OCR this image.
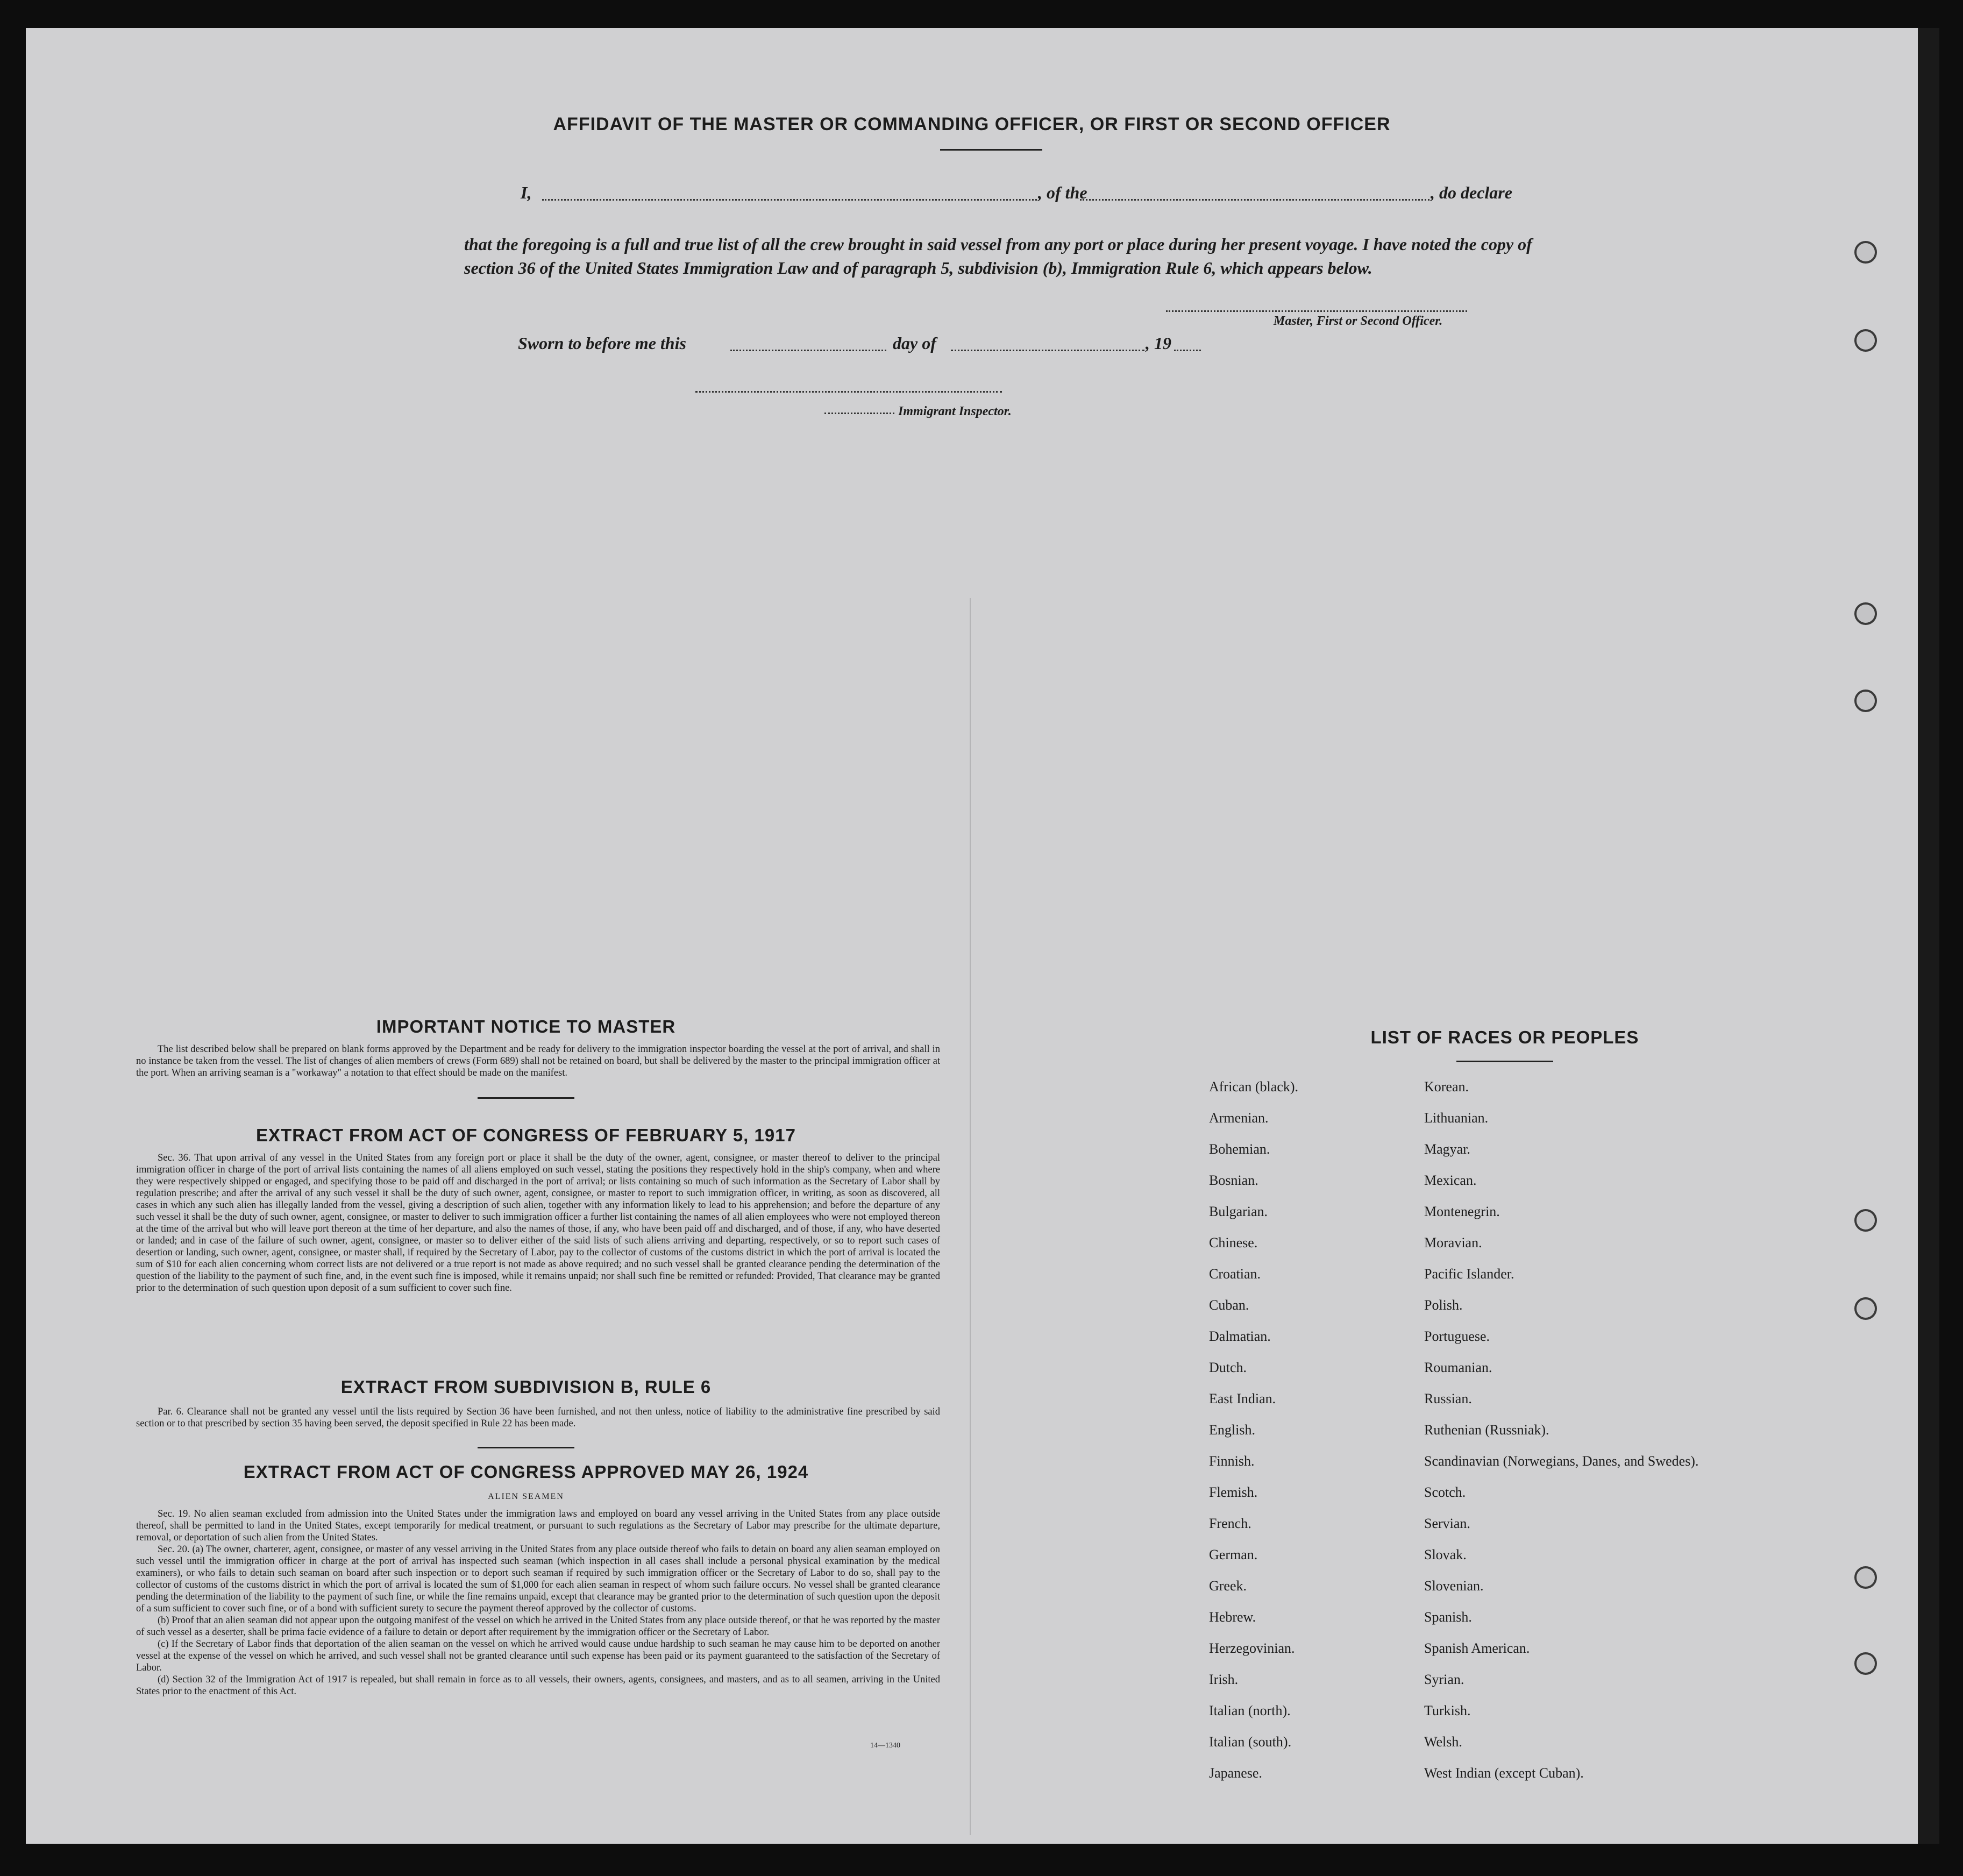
AFFIDAVIT OF THE MASTER OR COMMANDING OFFICER, OR FIRST OR SECOND OFFICER
I,	, of the	, do declare
that the foregoing is a full and true list of all the crew brought in said vessel from any port or place during her present voyage. I have noted the copy of section 36 of the United States Immigration Law and of paragraph 5, subdivision (b), Immigration Rule 6, which appears below.
Master, First or Second Officer.
Sworn to before me this	day of	, 19
Immigrant Inspector.
IMPORTANT NOTICE TO MASTER

The list described below shall be prepared on blank forms approved by the Department and be ready for delivery to the immigration inspector boarding the vessel at the port of arrival, and shall in no instance be taken from the vessel. The list of changes of alien members of crews (Form 689) shall not be retained on board, but shall be delivered by the master to the principal immigration officer at the port. When an arriving seaman is a "workaway" a notation to that effect should be made on the manifest.

EXTRACT FROM ACT OF CONGRESS OF FEBRUARY 5, 1917

Sec. 36. That upon arrival of any vessel in the United States from any foreign port or place it shall be the duty of the owner, agent, consignee, or master thereof to deliver to the principal immigration officer in charge of the port of arrival lists containing the names of all aliens employed on such vessel, stating the positions they respectively hold in the ship's company, when and where they were respectively shipped or engaged, and specifying those to be paid off and discharged in the port of arrival; or lists containing so much of such information as the Secretary of Labor shall by regulation prescribe; and after the arrival of any such vessel it shall be the duty of such owner, agent, consignee, or master to report to such immigration officer, in writing, as soon as discovered, all cases in which any such alien has illegally landed from the vessel, giving a description of such alien, together with any information likely to lead to his apprehension; and before the departure of any such vessel it shall be the duty of such owner, agent, consignee, or master to deliver to such immigration officer a further list containing the names of all alien employees who were not employed thereon at the time of the arrival but who will leave port thereon at the time of her departure, and also the names of those, if any, who have been paid off and discharged, and of those, if any, who have deserted or landed; and in case of the failure of such owner, agent, consignee, or master so to deliver either of the said lists of such aliens arriving and departing, respectively, or so to report such cases of desertion or landing, such owner, agent, consignee, or master shall, if required by the Secretary of Labor, pay to the collector of customs of the customs district in which the port of arrival is located the sum of $10 for each alien concerning whom correct lists are not delivered or a true report is not made as above required; and no such vessel shall be granted clearance pending the determination of the question of the liability to the payment of such fine, and, in the event such fine is imposed, while it remains unpaid; nor shall such fine be remitted or refunded: Provided, That clearance may be granted prior to the determination of such question upon deposit of a sum sufficient to cover such fine.

EXTRACT FROM SUBDIVISION B, RULE 6

Par. 6. Clearance shall not be granted any vessel until the lists required by Section 36 have been furnished, and not then unless, notice of liability to the administrative fine prescribed by said section or to that prescribed by section 35 having been served, the deposit specified in Rule 22 has been made.

EXTRACT FROM ACT OF CONGRESS APPROVED MAY 26, 1924
ALIEN SEAMEN

Sec. 19. No alien seaman excluded from admission into the United States under the immigration laws and employed on board any vessel arriving in the United States from any place outside thereof, shall be permitted to land in the United States, except temporarily for medical treatment, or pursuant to such regulations as the Secretary of Labor may prescribe for the ultimate departure, removal, or deportation of such alien from the United States.

Sec. 20. (a) The owner, charterer, agent, consignee, or master of any vessel arriving in the United States from any place outside thereof who fails to detain on board any alien seaman employed on such vessel until the immigration officer in charge at the port of arrival has inspected such seaman (which inspection in all cases shall include a personal physical examination by the medical examiners), or who fails to detain such seaman on board after such inspection or to deport such seaman if required by such immigration officer or the Secretary of Labor to do so, shall pay to the collector of customs of the customs district in which the port of arrival is located the sum of $1,000 for each alien seaman in respect of whom such failure occurs. No vessel shall be granted clearance pending the determination of the liability to the payment of such fine, or while the fine remains unpaid, except that clearance may be granted prior to the determination of such question upon the deposit of a sum sufficient to cover such fine, or of a bond with sufficient surety to secure the payment thereof approved by the collector of customs.

(b) Proof that an alien seaman did not appear upon the outgoing manifest of the vessel on which he arrived in the United States from any place outside thereof, or that he was reported by the master of such vessel as a deserter, shall be prima facie evidence of a failure to detain or deport after requirement by the immigration officer or the Secretary of Labor.

(c) If the Secretary of Labor finds that deportation of the alien seaman on the vessel on which he arrived would cause undue hardship to such seaman he may cause him to be deported on another vessel at the expense of the vessel on which he arrived, and such vessel shall not be granted clearance until such expense has been paid or its payment guaranteed to the satisfaction of the Secretary of Labor.

(d) Section 32 of the Immigration Act of 1917 is repealed, but shall remain in force as to all vessels, their owners, agents, consignees, and masters, and as to all seamen, arriving in the United States prior to the enactment of this Act.

14—1340
LIST OF RACES OR PEOPLES
African (black).
Armenian.
Bohemian.
Bosnian.
Bulgarian.
Chinese.
Croatian.
Cuban.
Dalmatian.
Dutch.
East Indian.
English.
Finnish.
Flemish.
French.
German.
Greek.
Hebrew.
Herzegovinian.
Irish.
Italian (north).
Italian (south).
Japanese.
Korean.
Lithuanian.
Magyar.
Mexican.
Montenegrin.
Moravian.
Pacific Islander.
Polish.
Portuguese.
Roumanian.
Russian.
Ruthenian (Russniak).
Scandinavian (Norwegians, Danes, and Swedes).
Scotch.
Servian.
Slovak.
Slovenian.
Spanish.
Spanish American.
Syrian.
Turkish.
Welsh.
West Indian (except Cuban).
